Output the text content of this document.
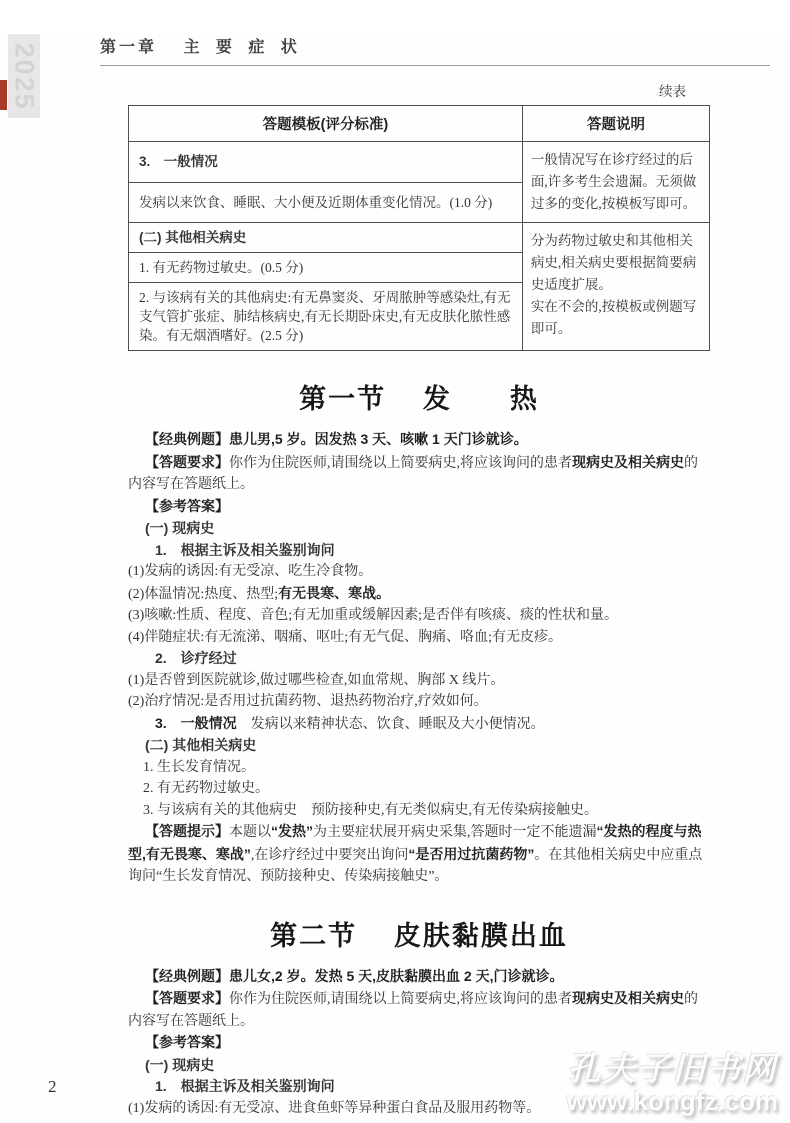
2025	第一章 主 要 症 状
续表
答题模板(评分标准)	答题说明
3.　一般情况	一般情况写在诊疗经过的后面,许多考生会遗漏。无须做过多的变化,按模板写即可。
发病以来饮食、睡眠、大小便及近期体重变化情况。(1.0 分)	
(二) 其他相关病史	分为药物过敏史和其他相关病史,相关病史要根据简要病史适度扩展。

实在不会的,按模板或例题写即可。

1. 有无药物过敏史。(0.5 分)	
2. 与该病有关的其他病史:有无鼻窦炎、牙周脓肿等感染灶,有无支气管扩张症、肺结核病史,有无长期卧床史,有无皮肤化脓性感染。有无烟酒嗜好。(2.5 分)	
第一节 发　　热

【经典例题】患儿男,5 岁。因发热 3 天、咳嗽 1 天门诊就诊。

【答题要求】你作为住院医师,请围绕以上简要病史,将应该询问的患者现病史及相关病史的内容写在答题纸上。

【参考答案】

(一) 现病史

1.　根据主诉及相关鉴别询问

(1)发病的诱因:有无受凉、吃生冷食物。

(2)体温情况:热度、热型;有无畏寒、寒战。

(3)咳嗽:性质、程度、音色;有无加重或缓解因素;是否伴有咳痰、痰的性状和量。

(4)伴随症状:有无流涕、咽痛、呕吐;有无气促、胸痛、咯血;有无皮疹。

2.　诊疗经过

(1)是否曾到医院就诊,做过哪些检查,如血常规、胸部 X 线片。

(2)治疗情况:是否用过抗菌药物、退热药物治疗,疗效如何。

3.　一般情况　发病以来精神状态、饮食、睡眠及大小便情况。

(二) 其他相关病史

1. 生长发育情况。

2. 有无药物过敏史。

3. 与该病有关的其他病史　预防接种史,有无类似病史,有无传染病接触史。

【答题提示】本题以“发热”为主要症状展开病史采集,答题时一定不能遗漏“发热的程度与热型,有无畏寒、寒战”,在诊疗经过中要突出询问“是否用过抗菌药物”。在其他相关病史中应重点询问“生长发育情况、预防接种史、传染病接触史”。

第二节 皮肤黏膜出血

【经典例题】患儿女,2 岁。发热 5 天,皮肤黏膜出血 2 天,门诊就诊。

【答题要求】你作为住院医师,请围绕以上简要病史,将应该询问的患者现病史及相关病史的内容写在答题纸上。

【参考答案】

(一) 现病史

1.　根据主诉及相关鉴别询问

(1)发病的诱因:有无受凉、进食鱼虾等异种蛋白食品及服用药物等。

2	孔夫子旧书网
www.kongfz.com
